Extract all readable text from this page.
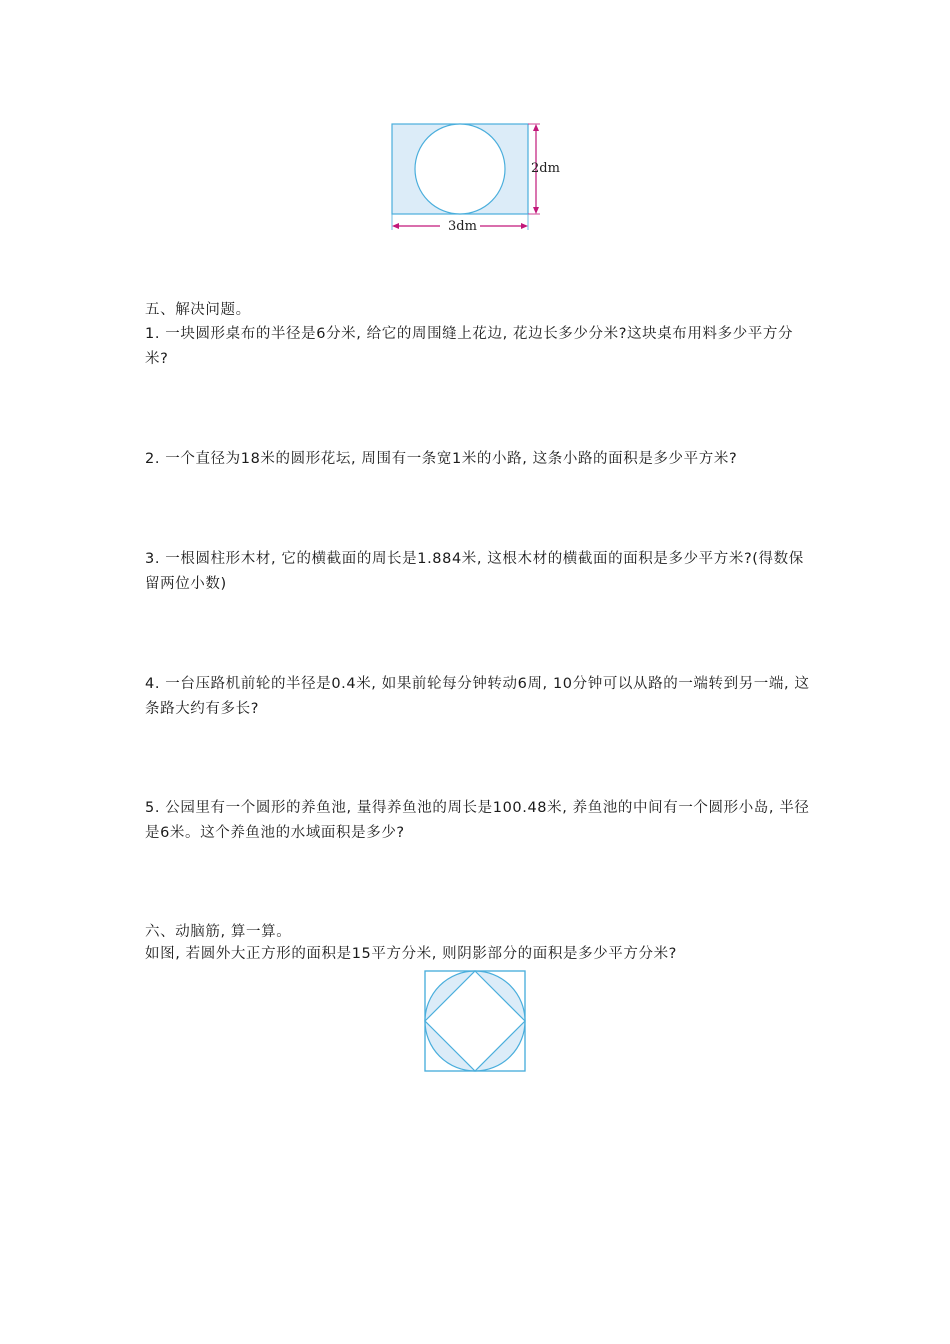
2dm
3dm
五、解决问题。
1. 一块圆形桌布的半径是6分米, 给它的周围缝上花边, 花边长多少分米?这块桌布用料多少平方分米?
2. 一个直径为18米的圆形花坛, 周围有一条宽1米的小路, 这条小路的面积是多少平方米?
3. 一根圆柱形木材, 它的横截面的周长是1.884米, 这根木材的横截面的面积是多少平方米?(得数保留两位小数)
4. 一台压路机前轮的半径是0.4米, 如果前轮每分钟转动6周, 10分钟可以从路的一端转到另一端, 这条路大约有多长?
5. 公园里有一个圆形的养鱼池, 量得养鱼池的周长是100.48米, 养鱼池的中间有一个圆形小岛, 半径是6米。这个养鱼池的水域面积是多少?
六、动脑筋, 算一算。
如图, 若圆外大正方形的面积是15平方分米, 则阴影部分的面积是多少平方分米?
